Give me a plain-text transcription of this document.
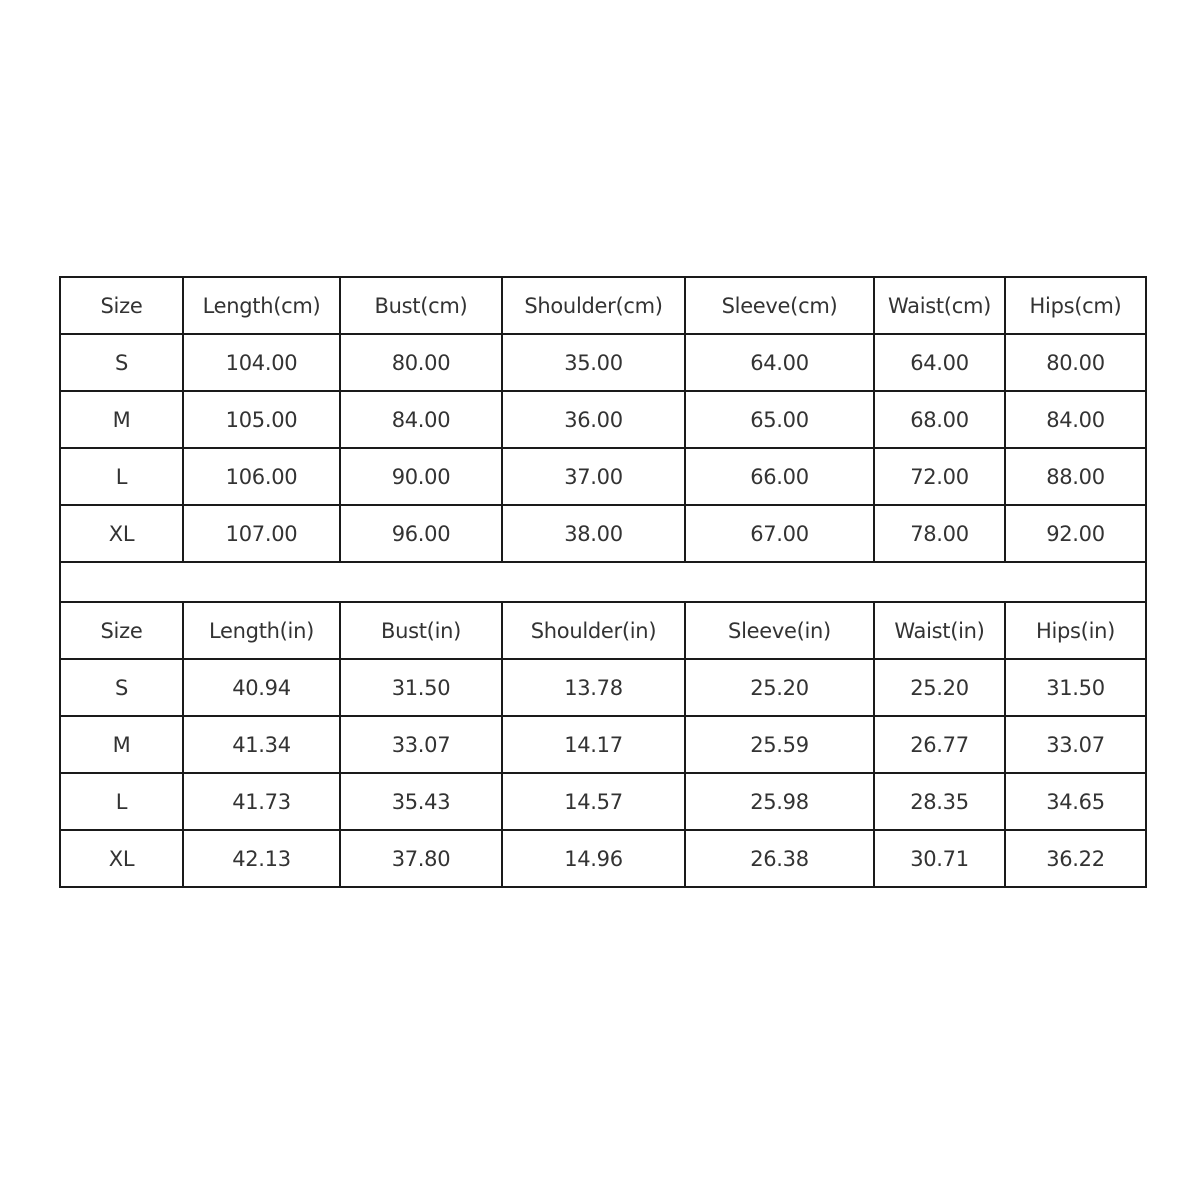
Size	Length(cm)	Bust(cm)	Shoulder(cm)	Sleeve(cm)	Waist(cm)	Hips(cm)
S	104.00	80.00	35.00	64.00	64.00	80.00
M	105.00	84.00	36.00	65.00	68.00	84.00
L	106.00	90.00	37.00	66.00	72.00	88.00
XL	107.00	96.00	38.00	67.00	78.00	92.00

Size	Length(in)	Bust(in)	Shoulder(in)	Sleeve(in)	Waist(in)	Hips(in)
S	40.94	31.50	13.78	25.20	25.20	31.50
M	41.34	33.07	14.17	25.59	26.77	33.07
L	41.73	35.43	14.57	25.98	28.35	34.65
XL	42.13	37.80	14.96	26.38	30.71	36.22
